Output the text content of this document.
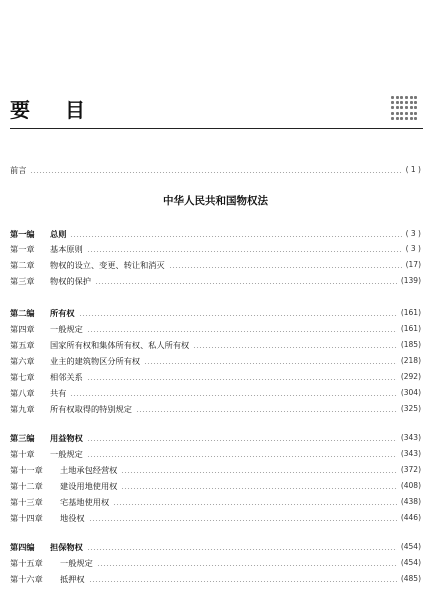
要 目
前言	( 1 )
中华人民共和国物权法
第一编	总则	( 3 )
第一章	基本原则	( 3 )
第二章	物权的设立、变更、转让和消灭	(17)
第三章	物权的保护	(139)
第二编	所有权	(161)
第四章	一般规定	(161)
第五章	国家所有权和集体所有权、私人所有权	(185)
第六章	业主的建筑物区分所有权	(218)
第七章	相邻关系	(292)
第八章	共有	(304)
第九章	所有权取得的特别规定	(325)
第三编	用益物权	(343)
第十章	一般规定	(343)
第十一章	土地承包经营权	(372)
第十二章	建设用地使用权	(408)
第十三章	宅基地使用权	(438)
第十四章	地役权	(446)
第四编	担保物权	(454)
第十五章	一般规定	(454)
第十六章	抵押权	(485)
